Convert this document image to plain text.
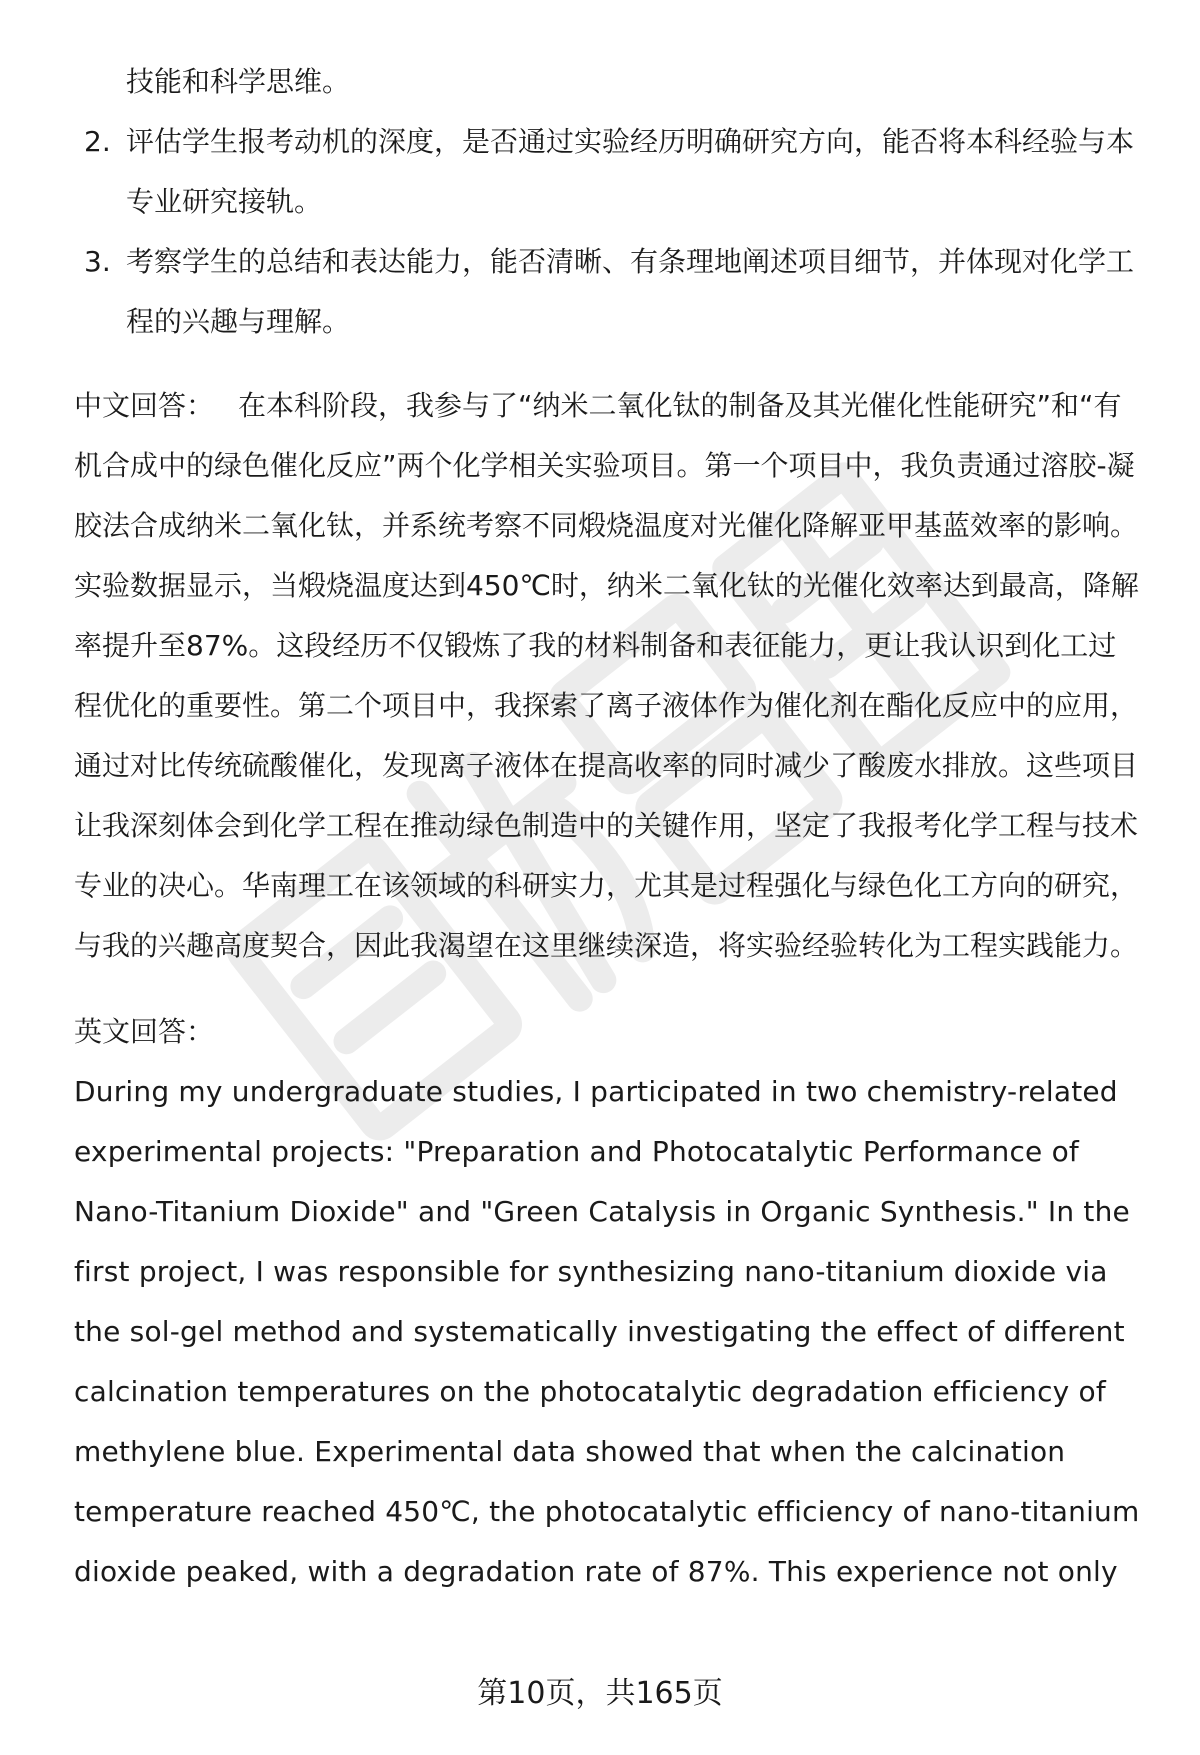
技能和科学思维。

2. 评估学生报考动机的深度，是否通过实验经历明确研究方向，能否将本科经验与本专业研究接轨。
3. 考察学生的总结和表达能力，能否清晰、有条理地阐述项目细节，并体现对化学工程的兴趣与理解。

中文回答： 在本科阶段，我参与了“纳米二氧化钛的制备及其光催化性能研究”和“有机合成中的绿色催化反应”两个化学相关实验项目。第一个项目中，我负责通过溶胶-凝胶法合成纳米二氧化钛，并系统考察不同煅烧温度对光催化降解亚甲基蓝效率的影响。实验数据显示，当煅烧温度达到450℃时，纳米二氧化钛的光催化效率达到最高，降解率提升至87%。这段经历不仅锻炼了我的材料制备和表征能力，更让我认识到化工过程优化的重要性。第二个项目中，我探索了离子液体作为催化剂在酯化反应中的应用，通过对比传统硫酸催化，发现离子液体在提高收率的同时减少了酸废水排放。这些项目让我深刻体会到化学工程在推动绿色制造中的关键作用，坚定了我报考化学工程与技术专业的决心。华南理工在该领域的科研实力，尤其是过程强化与绿色化工方向的研究，与我的兴趣高度契合，因此我渴望在这里继续深造，将实验经验转化为工程实践能力。

英文回答：

During my undergraduate studies, I participated in two chemistry-related experimental projects: "Preparation and Photocatalytic Performance of Nano-Titanium Dioxide" and "Green Catalysis in Organic Synthesis." In the first project, I was responsible for synthesizing nano-titanium dioxide via the sol-gel method and systematically investigating the effect of different calcination temperatures on the photocatalytic degradation efficiency of methylene blue. Experimental data showed that when the calcination temperature reached 450℃, the photocatalytic efficiency of nano-titanium dioxide peaked, with a degradation rate of 87%. This experience not only

第10页，共165页
